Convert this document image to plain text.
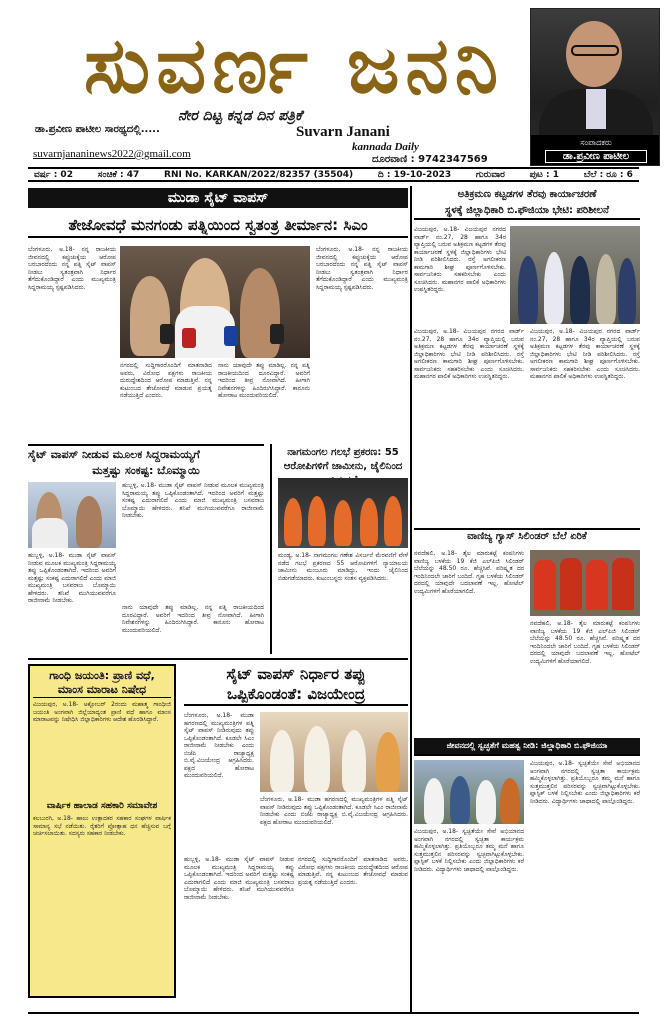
ಸುವರ್ಣ ಜನನಿ
ನೇರ ದಿಟ್ಟ ಕನ್ನಡ ದಿನ ಪತ್ರಿಕೆ
ಡಾ.ಪ್ರವೀಣ ಪಾಟೀಲ ಸಾರಥ್ಯದಲ್ಲಿ.....	Suvarn Janani
suvarnjananinews2022@gmail.com
kannada Daily
ದೂರವಾಣಿ : 9742347569
ಸಂಪಾದಕರು
ಡಾ.ಪ್ರವೀಣ ಪಾಟೀಲ
ವರ್ಷ : 02	ಸಂಚಿಕೆ : 47	RNI No. KARKAN/2022/82357 (35504)	ದಿ : 19-10-2023	ಗುರುವಾರ	ಪುಟ : 1	ಬೆಲೆ : ರೂ : 6
ಮುಡಾ ಸೈಟ್ ವಾಪಸ್
ತೇಜೋವಧೆ ಮನಗಂಡು ಪತ್ನಿಯಿಂದ ಸ್ವತಂತ್ರ ತೀರ್ಮಾನ: ಸಿಎಂ
ಬೆಂಗಳೂರು, ಅ.18- ನನ್ನ ರಾಜಕೀಯ ಜೀವನದಲ್ಲಿ ಕಪ್ಪುಚುಕ್ಕೆಯ ಆರೋಪ ಬರಬಾರದೆಂದು ನನ್ನ ಪತ್ನಿ ಸೈಟ್ ವಾಪಸ್ ನೀಡಲು ಸ್ವತಂತ್ರವಾಗಿ ನಿರ್ಧಾರ ತೆಗೆದುಕೊಂಡಿದ್ದಾರೆ ಎಂದು ಮುಖ್ಯಮಂತ್ರಿ ಸಿದ್ದರಾಮಯ್ಯ ಸ್ಪಷ್ಟಪಡಿಸಿದರು.
ನಗರದಲ್ಲಿ ಸುದ್ದಿಗಾರರೊಂದಿಗೆ ಮಾತನಾಡಿದ ಅವರು, ವಿರೋಧ ಪಕ್ಷಗಳು ರಾಜಕೀಯ ದುರುದ್ದೇಶದಿಂದ ಆರೋಪ ಮಾಡುತ್ತಿವೆ. ನನ್ನ ಕುಟುಂಬದ ತೇಜೋವಧೆ ಮಾಡುವ ಪ್ರಯತ್ನ ನಡೆಯುತ್ತಿದೆ ಎಂದರು.
ನಾನು ಯಾವುದೇ ತಪ್ಪು ಮಾಡಿಲ್ಲ. ನನ್ನ ಪತ್ನಿ ರಾಜಕೀಯದಿಂದ ದೂರವಿದ್ದಾರೆ. ಅವರಿಗೆ ಇದರಿಂದ ತೀವ್ರ ನೋವಾಗಿದೆ. ಹೀಗಾಗಿ ನಿವೇಶನಗಳನ್ನು ಹಿಂದಿರುಗಿಸಿದ್ದಾರೆ. ಕಾನೂನು ಹೋರಾಟ ಮುಂದುವರಿಯಲಿದೆ.
ಬೆಂಗಳೂರು, ಅ.18- ನನ್ನ ರಾಜಕೀಯ ಜೀವನದಲ್ಲಿ ಕಪ್ಪುಚುಕ್ಕೆಯ ಆರೋಪ ಬರಬಾರದೆಂದು ನನ್ನ ಪತ್ನಿ ಸೈಟ್ ವಾಪಸ್ ನೀಡಲು ಸ್ವತಂತ್ರವಾಗಿ ನಿರ್ಧಾರ ತೆಗೆದುಕೊಂಡಿದ್ದಾರೆ ಎಂದು ಮುಖ್ಯಮಂತ್ರಿ ಸಿದ್ದರಾಮಯ್ಯ ಸ್ಪಷ್ಟಪಡಿಸಿದರು.
ಸೈಟ್ ವಾಪಸ್ ನೀಡುವ ಮೂಲಕ ಸಿದ್ದರಾಮಯ್ಯಗೆ
ಮತ್ತಷ್ಟು ಸಂಕಷ್ಟ: ಬೊಮ್ಮಾಯಿ
ಹುಬ್ಬಳ್ಳಿ, ಅ.18- ಮುಡಾ ಸೈಟ್ ವಾಪಸ್ ನೀಡುವ ಮೂಲಕ ಮುಖ್ಯಮಂತ್ರಿ ಸಿದ್ದರಾಮಯ್ಯ ತಪ್ಪು ಒಪ್ಪಿಕೊಂಡಂತಾಗಿದೆ. ಇದರಿಂದ ಅವರಿಗೆ ಮತ್ತಷ್ಟು ಸಂಕಷ್ಟ ಎದುರಾಗಲಿದೆ ಎಂದು ಮಾಜಿ ಮುಖ್ಯಮಂತ್ರಿ ಬಸವರಾಜ ಬೊಮ್ಮಾಯಿ ಹೇಳಿದರು. ತನಿಖೆ ಮುಗಿಯುವವರೆಗೂ ರಾಜೀನಾಮೆ ನೀಡಬೇಕು.
ಹುಬ್ಬಳ್ಳಿ, ಅ.18- ಮುಡಾ ಸೈಟ್ ವಾಪಸ್ ನೀಡುವ ಮೂಲಕ ಮುಖ್ಯಮಂತ್ರಿ ಸಿದ್ದರಾಮಯ್ಯ ತಪ್ಪು ಒಪ್ಪಿಕೊಂಡಂತಾಗಿದೆ. ಇದರಿಂದ ಅವರಿಗೆ ಮತ್ತಷ್ಟು ಸಂಕಷ್ಟ ಎದುರಾಗಲಿದೆ ಎಂದು ಮಾಜಿ ಮುಖ್ಯಮಂತ್ರಿ ಬಸವರಾಜ ಬೊಮ್ಮಾಯಿ ಹೇಳಿದರು. ತನಿಖೆ ಮುಗಿಯುವವರೆಗೂ ರಾಜೀನಾಮೆ ನೀಡಬೇಕು.
ನಾನು ಯಾವುದೇ ತಪ್ಪು ಮಾಡಿಲ್ಲ. ನನ್ನ ಪತ್ನಿ ರಾಜಕೀಯದಿಂದ ದೂರವಿದ್ದಾರೆ. ಅವರಿಗೆ ಇದರಿಂದ ತೀವ್ರ ನೋವಾಗಿದೆ. ಹೀಗಾಗಿ ನಿವೇಶನಗಳನ್ನು ಹಿಂದಿರುಗಿಸಿದ್ದಾರೆ. ಕಾನೂನು ಹೋರಾಟ ಮುಂದುವರಿಯಲಿದೆ.
ನಾಗಮಂಗಲ ಗಲಭೆ ಪ್ರಕರಣ: 55 ಆರೋಪಿಗಳಿಗೆ ಜಾಮೀನು, ಜೈಲಿನಿಂದ
ಮಂಡ್ಯ, ಅ.18- ನಾಗಮಂಗಲ ಗಣೇಶ ವಿಸರ್ಜನೆ ಮೆರವಣಿಗೆ ವೇಳೆ ನಡೆದ ಗಲಭೆ ಪ್ರಕರಣದ 55 ಆರೋಪಿಗಳಿಗೆ ನ್ಯಾಯಾಲಯ ಜಾಮೀನು ಮಂಜೂರು ಮಾಡಿದ್ದು, ಇಂದು ಜೈಲಿನಿಂದ ಬಿಡುಗಡೆಯಾದರು. ಕುಟುಂಬಸ್ಥರು ಸಂತಸ ವ್ಯಕ್ತಪಡಿಸಿದರು.
ಗಾಂಧಿ ಜಯಂತಿ: ಪ್ರಾಣಿ ವಧೆ,
ಮಾಂಸ ಮಾರಾಟ ನಿಷೇಧ
ವಿಜಯಪುರ, ಅ.18- ಅಕ್ಟೋಬರ್ 2ರಂದು ಮಹಾತ್ಮ ಗಾಂಧೀಜಿ ಜಯಂತಿ ಅಂಗವಾಗಿ ಜಿಲ್ಲೆಯಾದ್ಯಂತ ಪ್ರಾಣಿ ವಧೆ ಹಾಗೂ ಮಾಂಸ ಮಾರಾಟವನ್ನು ನಿಷೇಧಿಸಿ ಜಿಲ್ಲಾಧಿಕಾರಿಗಳು ಆದೇಶ ಹೊರಡಿಸಿದ್ದಾರೆ.
ವಾರ್ಷಿಕ ಹಾಲಾಡ ಸಹಕಾರಿ ಸಮಾವೇಶ
ಕಲಬುರಗಿ, ಅ.18- ಹಾಲು ಉತ್ಪಾದಕರ ಸಹಕಾರ ಸಂಘಗಳ ವಾರ್ಷಿಕ ಸಾಮಾನ್ಯ ಸಭೆ ನಡೆಯಿತು. ರೈತರಿಗೆ ಪ್ರೋತ್ಸಾಹ ಧನ ಹೆಚ್ಚಿಸುವ ಬಗ್ಗೆ ಚರ್ಚಿಸಲಾಯಿತು. ಸದಸ್ಯರು ಸಹಕಾರ ನೀಡಬೇಕು.
ಸೈಟ್ ವಾಪಸ್ ನಿರ್ಧಾರ ತಪ್ಪು
ಒಪ್ಪಿಕೊಂಡಂತೆ: ವಿಜಯೇಂದ್ರ
ಬೆಂಗಳೂರು, ಅ.18- ಮುಡಾ ಹಗರಣದಲ್ಲಿ ಮುಖ್ಯಮಂತ್ರಿಗಳ ಪತ್ನಿ ಸೈಟ್ ವಾಪಸ್ ನೀಡಿರುವುದು ತಪ್ಪು ಒಪ್ಪಿಕೊಂಡಂತಾಗಿದೆ. ಕೂಡಲೇ ಸಿಎಂ ರಾಜೀನಾಮೆ ನೀಡಬೇಕು ಎಂದು ಬಿಜೆಪಿ ರಾಜ್ಯಾಧ್ಯಕ್ಷ ಬಿ.ವೈ.ವಿಜಯೇಂದ್ರ ಆಗ್ರಹಿಸಿದರು. ಪಕ್ಷದ ಹೋರಾಟ ಮುಂದುವರಿಯಲಿದೆ.
ಬೆಂಗಳೂರು, ಅ.18- ಮುಡಾ ಹಗರಣದಲ್ಲಿ ಮುಖ್ಯಮಂತ್ರಿಗಳ ಪತ್ನಿ ಸೈಟ್ ವಾಪಸ್ ನೀಡಿರುವುದು ತಪ್ಪು ಒಪ್ಪಿಕೊಂಡಂತಾಗಿದೆ. ಕೂಡಲೇ ಸಿಎಂ ರಾಜೀನಾಮೆ ನೀಡಬೇಕು ಎಂದು ಬಿಜೆಪಿ ರಾಜ್ಯಾಧ್ಯಕ್ಷ ಬಿ.ವೈ.ವಿಜಯೇಂದ್ರ ಆಗ್ರಹಿಸಿದರು. ಪಕ್ಷದ ಹೋರಾಟ ಮುಂದುವರಿಯಲಿದೆ.
ಹುಬ್ಬಳ್ಳಿ, ಅ.18- ಮುಡಾ ಸೈಟ್ ವಾಪಸ್ ನೀಡುವ ಮೂಲಕ ಮುಖ್ಯಮಂತ್ರಿ ಸಿದ್ದರಾಮಯ್ಯ ತಪ್ಪು ಒಪ್ಪಿಕೊಂಡಂತಾಗಿದೆ. ಇದರಿಂದ ಅವರಿಗೆ ಮತ್ತಷ್ಟು ಸಂಕಷ್ಟ ಎದುರಾಗಲಿದೆ ಎಂದು ಮಾಜಿ ಮುಖ್ಯಮಂತ್ರಿ ಬಸವರಾಜ ಬೊಮ್ಮಾಯಿ ಹೇಳಿದರು. ತನಿಖೆ ಮುಗಿಯುವವರೆಗೂ ರಾಜೀನಾಮೆ ನೀಡಬೇಕು.
ನಗರದಲ್ಲಿ ಸುದ್ದಿಗಾರರೊಂದಿಗೆ ಮಾತನಾಡಿದ ಅವರು, ವಿರೋಧ ಪಕ್ಷಗಳು ರಾಜಕೀಯ ದುರುದ್ದೇಶದಿಂದ ಆರೋಪ ಮಾಡುತ್ತಿವೆ. ನನ್ನ ಕುಟುಂಬದ ತೇಜೋವಧೆ ಮಾಡುವ ಪ್ರಯತ್ನ ನಡೆಯುತ್ತಿದೆ ಎಂದರು.
ಅತಿಕ್ರಮಣ ಕಟ್ಟಡಗಳ ತೆರವು ಕಾರ್ಯಾಚರಣೆ
ಸ್ಥಳಕ್ಕೆ ಜಿಲ್ಲಾಧಿಕಾರಿ ಬಿ.ಫೌಜಿಯಾ ಭೇಟಿ: ಪರಿಶೀಲನೆ
ವಿಜಯಪುರ, ಅ.18- ವಿಜಯಪುರ ನಗರದ ವಾರ್ಡ್ ನಂ.27, 28 ಹಾಗೂ 34ರ ವ್ಯಾಪ್ತಿಯಲ್ಲಿ ಬರುವ ಅತಿಕ್ರಮಣ ಕಟ್ಟಡಗಳ ತೆರವು ಕಾರ್ಯಾಚರಣೆ ಸ್ಥಳಕ್ಕೆ ಜಿಲ್ಲಾಧಿಕಾರಿಗಳು ಭೇಟಿ ನೀಡಿ ಪರಿಶೀಲಿಸಿದರು. ರಸ್ತೆ ಅಗಲೀಕರಣ ಕಾಮಗಾರಿ ಶೀಘ್ರ ಪೂರ್ಣಗೊಳಿಸಬೇಕು. ಸಾರ್ವಜನಿಕರು ಸಹಕರಿಸಬೇಕು ಎಂದು ಸೂಚಿಸಿದರು. ಮಹಾನಗರ ಪಾಲಿಕೆ ಅಧಿಕಾರಿಗಳು ಉಪಸ್ಥಿತರಿದ್ದರು.
ವಿಜಯಪುರ, ಅ.18- ವಿಜಯಪುರ ನಗರದ ವಾರ್ಡ್ ನಂ.27, 28 ಹಾಗೂ 34ರ ವ್ಯಾಪ್ತಿಯಲ್ಲಿ ಬರುವ ಅತಿಕ್ರಮಣ ಕಟ್ಟಡಗಳ ತೆರವು ಕಾರ್ಯಾಚರಣೆ ಸ್ಥಳಕ್ಕೆ ಜಿಲ್ಲಾಧಿಕಾರಿಗಳು ಭೇಟಿ ನೀಡಿ ಪರಿಶೀಲಿಸಿದರು. ರಸ್ತೆ ಅಗಲೀಕರಣ ಕಾಮಗಾರಿ ಶೀಘ್ರ ಪೂರ್ಣಗೊಳಿಸಬೇಕು. ಸಾರ್ವಜನಿಕರು ಸಹಕರಿಸಬೇಕು ಎಂದು ಸೂಚಿಸಿದರು. ಮಹಾನಗರ ಪಾಲಿಕೆ ಅಧಿಕಾರಿಗಳು ಉಪಸ್ಥಿತರಿದ್ದರು.
ವಿಜಯಪುರ, ಅ.18- ವಿಜಯಪುರ ನಗರದ ವಾರ್ಡ್ ನಂ.27, 28 ಹಾಗೂ 34ರ ವ್ಯಾಪ್ತಿಯಲ್ಲಿ ಬರುವ ಅತಿಕ್ರಮಣ ಕಟ್ಟಡಗಳ ತೆರವು ಕಾರ್ಯಾಚರಣೆ ಸ್ಥಳಕ್ಕೆ ಜಿಲ್ಲಾಧಿಕಾರಿಗಳು ಭೇಟಿ ನೀಡಿ ಪರಿಶೀಲಿಸಿದರು. ರಸ್ತೆ ಅಗಲೀಕರಣ ಕಾಮಗಾರಿ ಶೀಘ್ರ ಪೂರ್ಣಗೊಳಿಸಬೇಕು. ಸಾರ್ವಜನಿಕರು ಸಹಕರಿಸಬೇಕು ಎಂದು ಸೂಚಿಸಿದರು. ಮಹಾನಗರ ಪಾಲಿಕೆ ಅಧಿಕಾರಿಗಳು ಉಪಸ್ಥಿತರಿದ್ದರು.
ವಾಣಿಜ್ಯ ಗ್ಯಾಸ್ ಸಿಲಿಂಡರ್ ಬೆಲೆ ಏರಿಕೆ
ನವದೆಹಲಿ, ಅ.18- ತೈಲ ಮಾರುಕಟ್ಟೆ ಕಂಪನಿಗಳು ವಾಣಿಜ್ಯ ಬಳಕೆಯ 19 ಕೆಜಿ ಎಲ್‌ಪಿಜಿ ಸಿಲಿಂಡರ್ ಬೆಲೆಯನ್ನು 48.50 ರೂ. ಹೆಚ್ಚಿಸಿವೆ. ಪರಿಷ್ಕೃತ ದರ ಇಂದಿನಿಂದಲೇ ಜಾರಿಗೆ ಬಂದಿದೆ. ಗೃಹ ಬಳಕೆಯ ಸಿಲಿಂಡರ್ ದರದಲ್ಲಿ ಯಾವುದೇ ಬದಲಾವಣೆ ಇಲ್ಲ. ಹೋಟೆಲ್ ಉದ್ಯಮಿಗಳಿಗೆ ಹೊರೆಯಾಗಲಿದೆ.
ನವದೆಹಲಿ, ಅ.18- ತೈಲ ಮಾರುಕಟ್ಟೆ ಕಂಪನಿಗಳು ವಾಣಿಜ್ಯ ಬಳಕೆಯ 19 ಕೆಜಿ ಎಲ್‌ಪಿಜಿ ಸಿಲಿಂಡರ್ ಬೆಲೆಯನ್ನು 48.50 ರೂ. ಹೆಚ್ಚಿಸಿವೆ. ಪರಿಷ್ಕೃತ ದರ ಇಂದಿನಿಂದಲೇ ಜಾರಿಗೆ ಬಂದಿದೆ. ಗೃಹ ಬಳಕೆಯ ಸಿಲಿಂಡರ್ ದರದಲ್ಲಿ ಯಾವುದೇ ಬದಲಾವಣೆ ಇಲ್ಲ. ಹೋಟೆಲ್ ಉದ್ಯಮಿಗಳಿಗೆ ಹೊರೆಯಾಗಲಿದೆ.
ಜೀವನದಲ್ಲಿ ಸ್ವಚ್ಛತೆಗೆ ಮಹತ್ವ ನೀಡಿ: ಜಿಲ್ಲಾಧಿಕಾರಿ ಬಿ.ಫೌಜಿಯಾ
ವಿಜಯಪುರ, ಅ.18- ಸ್ವಚ್ಛತೆಯೇ ಸೇವೆ ಅಭಿಯಾನದ ಅಂಗವಾಗಿ ನಗರದಲ್ಲಿ ಸ್ವಚ್ಛತಾ ಕಾರ್ಯಕ್ರಮ ಹಮ್ಮಿಕೊಳ್ಳಲಾಗಿತ್ತು. ಪ್ರತಿಯೊಬ್ಬರೂ ತಮ್ಮ ಮನೆ ಹಾಗೂ ಸುತ್ತಮುತ್ತಲಿನ ಪರಿಸರವನ್ನು ಸ್ವಚ್ಛವಾಗಿಟ್ಟುಕೊಳ್ಳಬೇಕು. ಪ್ಲಾಸ್ಟಿಕ್ ಬಳಕೆ ನಿಲ್ಲಿಸಬೇಕು ಎಂದು ಜಿಲ್ಲಾಧಿಕಾರಿಗಳು ಕರೆ ನೀಡಿದರು. ವಿದ್ಯಾರ್ಥಿಗಳು ಜಾಥಾದಲ್ಲಿ ಪಾಲ್ಗೊಂಡಿದ್ದರು.
ವಿಜಯಪುರ, ಅ.18- ಸ್ವಚ್ಛತೆಯೇ ಸೇವೆ ಅಭಿಯಾನದ ಅಂಗವಾಗಿ ನಗರದಲ್ಲಿ ಸ್ವಚ್ಛತಾ ಕಾರ್ಯಕ್ರಮ ಹಮ್ಮಿಕೊಳ್ಳಲಾಗಿತ್ತು. ಪ್ರತಿಯೊಬ್ಬರೂ ತಮ್ಮ ಮನೆ ಹಾಗೂ ಸುತ್ತಮುತ್ತಲಿನ ಪರಿಸರವನ್ನು ಸ್ವಚ್ಛವಾಗಿಟ್ಟುಕೊಳ್ಳಬೇಕು. ಪ್ಲಾಸ್ಟಿಕ್ ಬಳಕೆ ನಿಲ್ಲಿಸಬೇಕು ಎಂದು ಜಿಲ್ಲಾಧಿಕಾರಿಗಳು ಕರೆ ನೀಡಿದರು. ವಿದ್ಯಾರ್ಥಿಗಳು ಜಾಥಾದಲ್ಲಿ ಪಾಲ್ಗೊಂಡಿದ್ದರು.
